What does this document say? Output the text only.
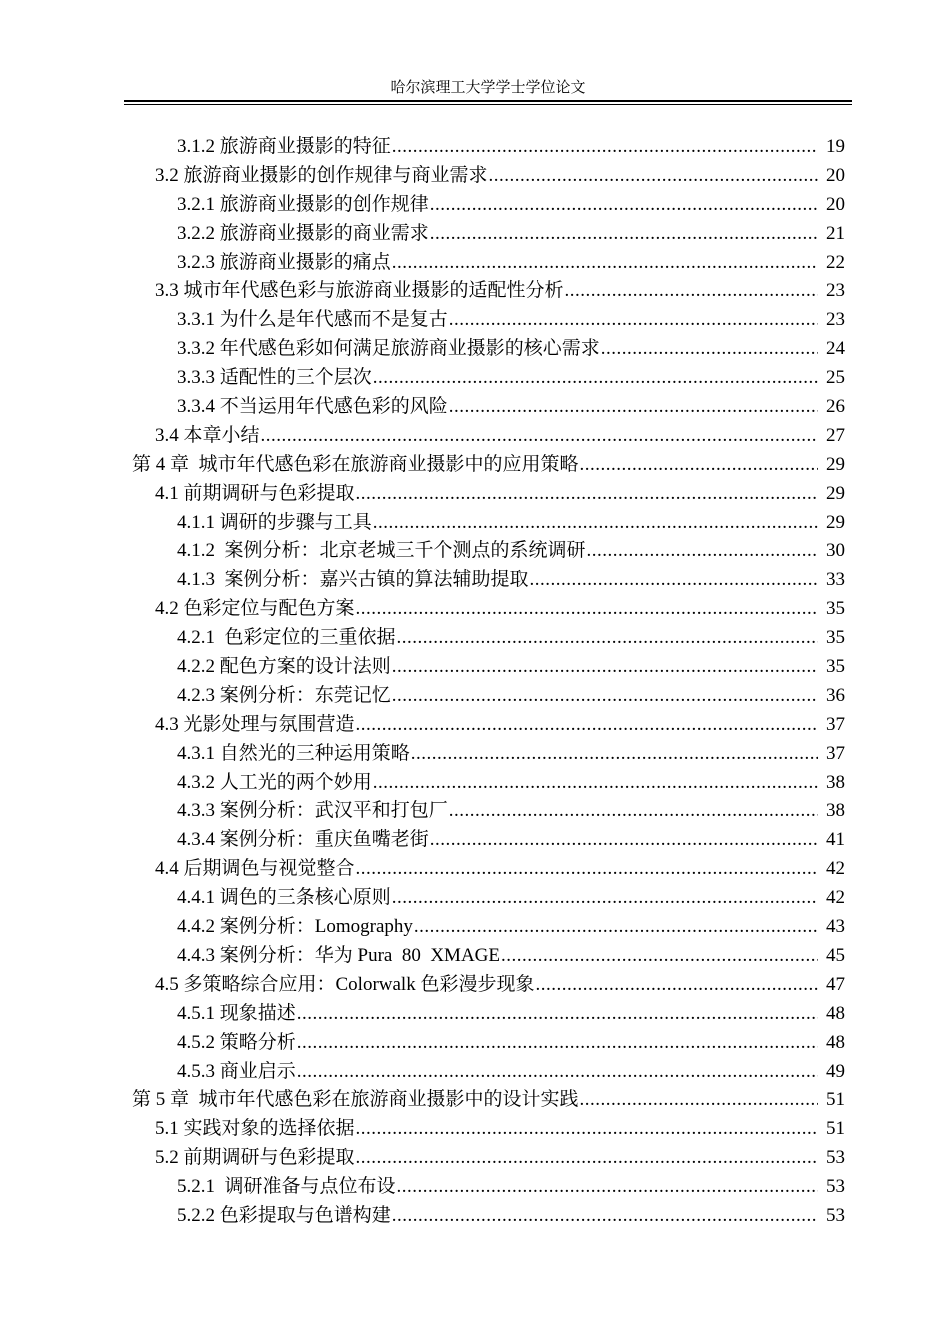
哈尔滨理工大学学士学位论文
3.1.2 旅游商业摄影的特征 .....	19
3.2 旅游商业摄影的创作规律与商业需求 .....	20
3.2.1 旅游商业摄影的创作规律 .....	20
3.2.2 旅游商业摄影的商业需求 .....	21
3.2.3 旅游商业摄影的痛点 .....	22
3.3 城市年代感色彩与旅游商业摄影的适配性分析 .....	23
3.3.1 为什么是年代感而不是复古 .....	23
3.3.2 年代感色彩如何满足旅游商业摄影的核心需求 .....	24
3.3.3 适配性的三个层次 .....	25
3.3.4 不当运用年代感色彩的风险 .....	26
3.4 本章小结 .....	27
第 4 章  城市年代感色彩在旅游商业摄影中的应用策略 .....	29
4.1 前期调研与色彩提取 .....	29
4.1.1 调研的步骤与工具 .....	29
4.1.2  案例分析：北京老城三千个测点的系统调研 .....	30
4.1.3  案例分析：嘉兴古镇的算法辅助提取 .....	33
4.2 色彩定位与配色方案 .....	35
4.2.1  色彩定位的三重依据 .....	35
4.2.2 配色方案的设计法则 .....	35
4.2.3 案例分析：东莞记忆 .....	36
4.3 光影处理与氛围营造 .....	37
4.3.1 自然光的三种运用策略 .....	37
4.3.2 人工光的两个妙用 .....	38
4.3.3 案例分析：武汉平和打包厂 .....	38
4.3.4 案例分析：重庆鱼嘴老街 .....	41
4.4 后期调色与视觉整合 .....	42
4.4.1 调色的三条核心原则 .....	42
4.4.2 案例分析：Lomography .....	43
4.4.3 案例分析：华为 Pura  80  XMAGE .....	45
4.5 多策略综合应用：Colorwalk 色彩漫步现象 .....	47
4.5.1 现象描述 .....	48
4.5.2 策略分析 .....	48
4.5.3 商业启示 .....	49
第 5 章  城市年代感色彩在旅游商业摄影中的设计实践 .....	51
5.1 实践对象的选择依据 .....	51
5.2 前期调研与色彩提取 .....	53
5.2.1  调研准备与点位布设 .....	53
5.2.2 色彩提取与色谱构建 .....	53
